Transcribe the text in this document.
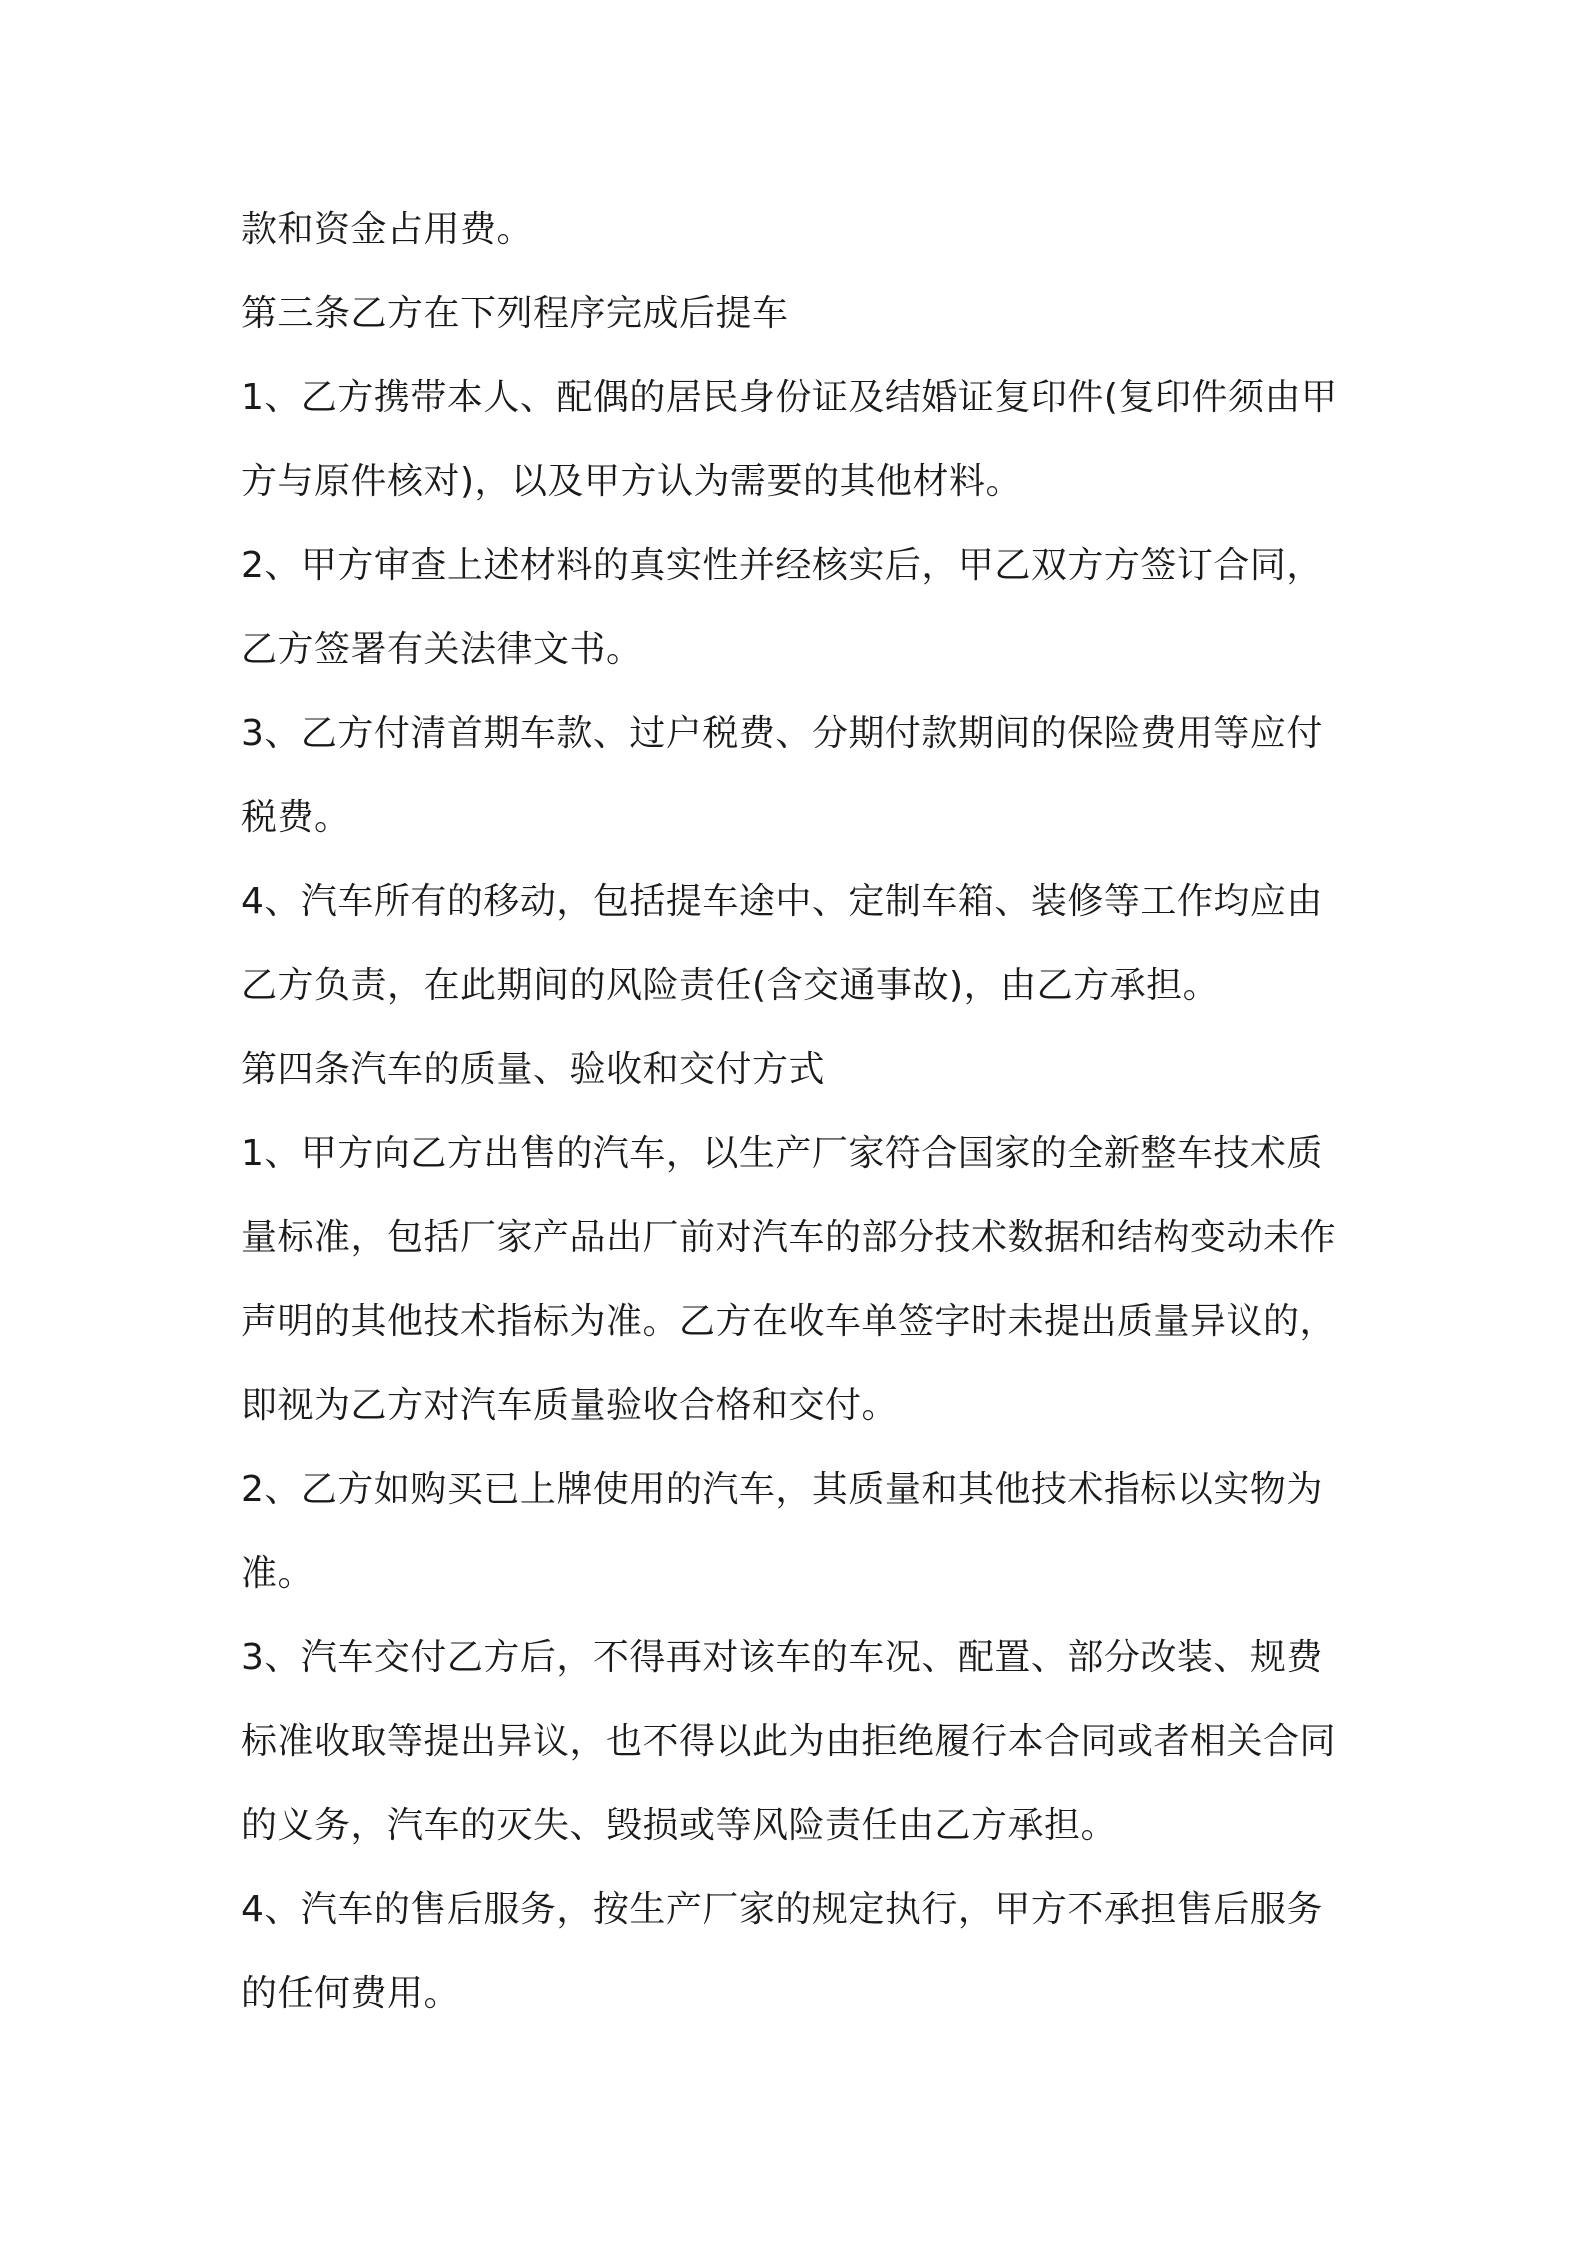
款和资金占用费。
第三条乙方在下列程序完成后提车
1、乙方携带本人、配偶的居民身份证及结婚证复印件(复印件须由甲
方与原件核对)，以及甲方认为需要的其他材料。
2、甲方审查上述材料的真实性并经核实后，甲乙双方方签订合同，
乙方签署有关法律文书。
3、乙方付清首期车款、过户税费、分期付款期间的保险费用等应付
税费。
4、汽车所有的移动，包括提车途中、定制车箱、装修等工作均应由
乙方负责，在此期间的风险责任(含交通事故)，由乙方承担。
第四条汽车的质量、验收和交付方式
1、甲方向乙方出售的汽车，以生产厂家符合国家的全新整车技术质
量标准，包括厂家产品出厂前对汽车的部分技术数据和结构变动未作
声明的其他技术指标为准。乙方在收车单签字时未提出质量异议的，
即视为乙方对汽车质量验收合格和交付。
2、乙方如购买已上牌使用的汽车，其质量和其他技术指标以实物为
准。
3、汽车交付乙方后，不得再对该车的车况、配置、部分改装、规费
标准收取等提出异议，也不得以此为由拒绝履行本合同或者相关合同
的义务，汽车的灭失、毁损或等风险责任由乙方承担。
4、汽车的售后服务，按生产厂家的规定执行，甲方不承担售后服务
的任何费用。
